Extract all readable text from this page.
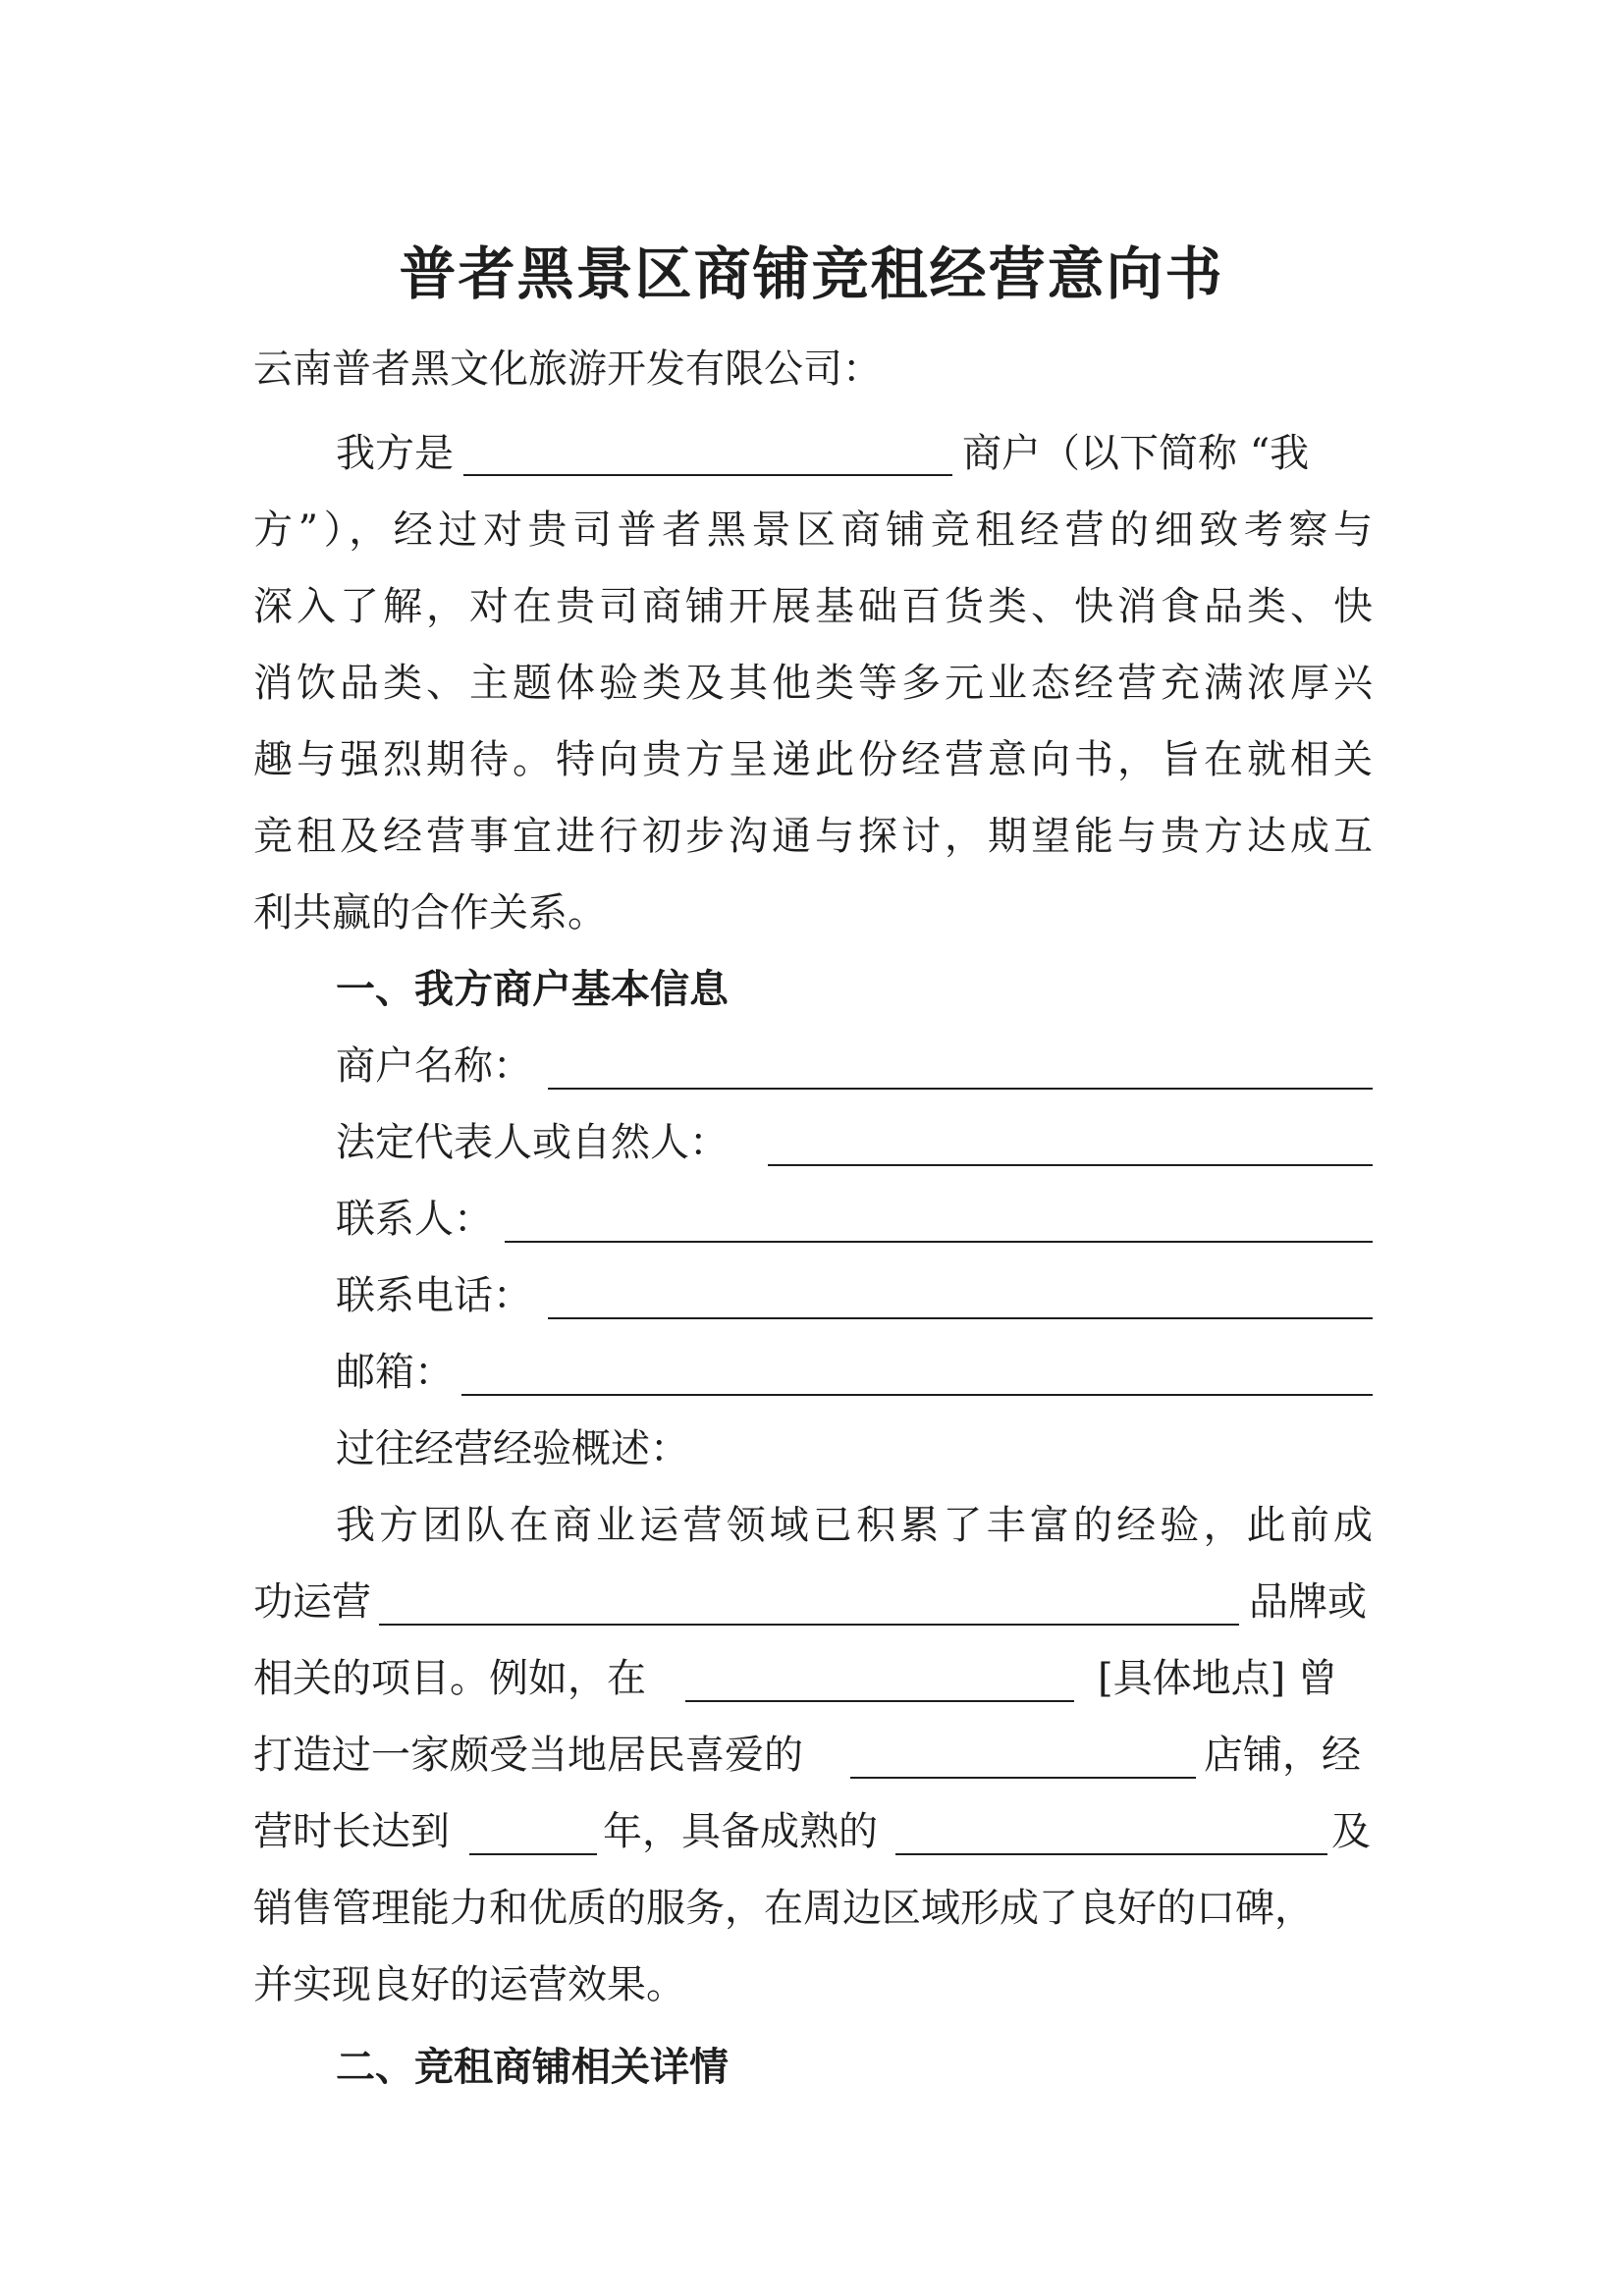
普者黑景区商铺竞租经营意向书
云南普者黑文化旅游开发有限公司：
我方是	商户（以下简称 “我
方”），经过对贵司普者黑景区商铺竞租经营的细致考察与
深入了解，对在贵司商铺开展基础百货类、快消食品类、快
消饮品类、主题体验类及其他类等多元业态经营充满浓厚兴
趣与强烈期待。特向贵方呈递此份经营意向书，旨在就相关
竞租及经营事宜进行初步沟通与探讨，期望能与贵方达成互
利共赢的合作关系。
一、我方商户基本信息
商户名称：
法定代表人或自然人：
联系人：
联系电话：
邮箱：
过往经营经验概述：
我方团队在商业运营领域已积累了丰富的经验，此前成
功运营	品牌或
相关的项目。例如，在	[具体地点] 曾
打造过一家颇受当地居民喜爱的	店铺，经
营时长达到	年，具备成熟的	及
销售管理能力和优质的服务，在周边区域形成了良好的口碑，
并实现良好的运营效果。
二、竞租商铺相关详情
